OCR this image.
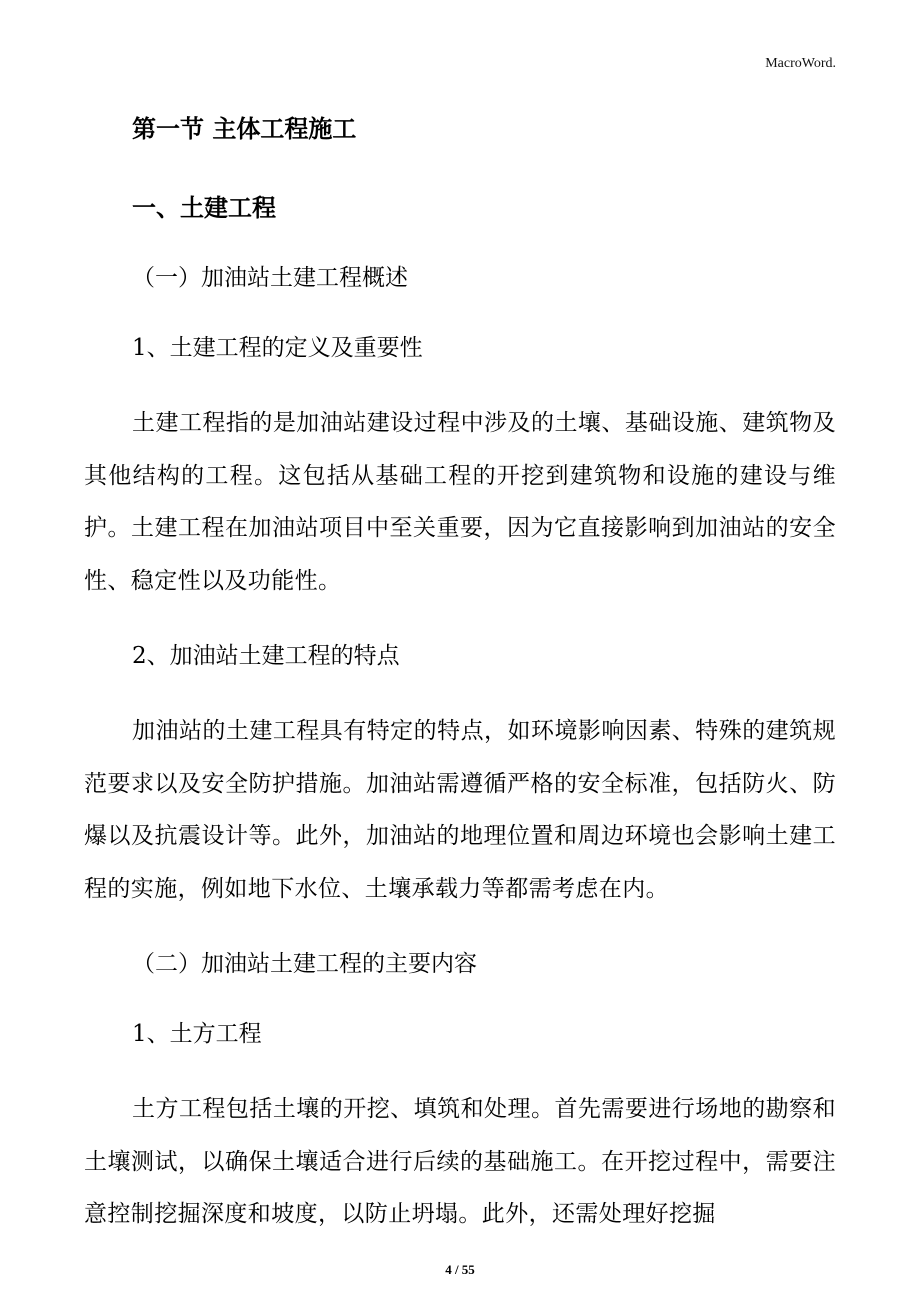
MacroWord.
第一节 主体工程施工
一、土建工程
（一）加油站土建工程概述
1、土建工程的定义及重要性

土建工程指的是加油站建设过程中涉及的土壤、基础设施、建筑物及其他结构的工程。这包括从基础工程的开挖到建筑物和设施的建设与维护。土建工程在加油站项目中至关重要，因为它直接影响到加油站的安全性、稳定性以及功能性。

2、加油站土建工程的特点

加油站的土建工程具有特定的特点，如环境影响因素、特殊的建筑规范要求以及安全防护措施。加油站需遵循严格的安全标准，包括防火、防爆以及抗震设计等。此外，加油站的地理位置和周边环境也会影响土建工程的实施，例如地下水位、土壤承载力等都需考虑在内。

（二）加油站土建工程的主要内容
1、土方工程

土方工程包括土壤的开挖、填筑和处理。首先需要进行场地的勘察和土壤测试，以确保土壤适合进行后续的基础施工。在开挖过程中，需要注意控制挖掘深度和坡度，以防止坍塌。此外，还需处理好挖掘

4 / 55
